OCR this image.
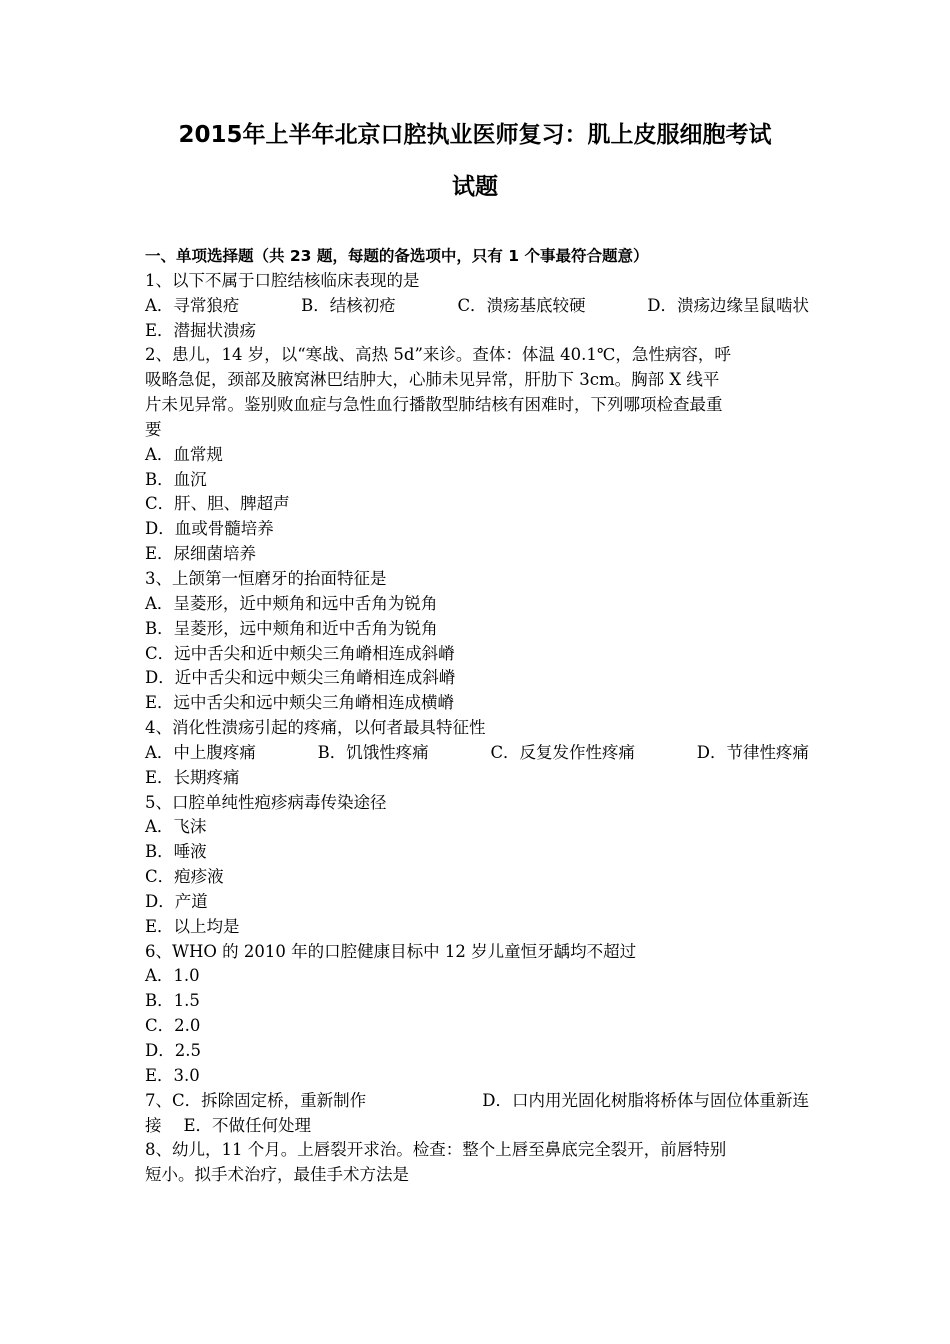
2015年上半年北京口腔执业医师复习：肌上皮服细胞考试
试题
一、单项选择题（共 23 题，每题的备选项中，只有 1 个事最符合题意）
1、以下不属于口腔结核临床表现的是
A．寻常狼疮	B．结核初疮	C．溃疡基底较硬	D．溃疡边缘呈鼠啮状
E．潜掘状溃疡
2、患儿，14 岁，以“寒战、高热 5d”来诊。查体：体温 40.1℃，急性病容，呼
吸略急促，颈部及腋窝淋巴结肿大，心肺未见异常，肝肋下 3cm。胸部 X 线平
片未见异常。鉴别败血症与急性血行播散型肺结核有困难时，下列哪项检查最重
要
A．血常规
B．血沉
C．肝、胆、脾超声
D．血或骨髓培养
E．尿细菌培养
3、上颌第一恒磨牙的抬面特征是
A．呈菱形，近中颊角和远中舌角为锐角
B．呈菱形，远中颊角和近中舌角为锐角
C．远中舌尖和近中颊尖三角嵴相连成斜嵴
D．近中舌尖和远中颊尖三角嵴相连成斜嵴
E．远中舌尖和远中颊尖三角嵴相连成横嵴
4、消化性溃疡引起的疼痛，以何者最具特征性
A．中上腹疼痛	B．饥饿性疼痛	C．反复发作性疼痛	D．节律性疼痛
E．长期疼痛
5、口腔单纯性疱疹病毒传染途径
A．飞沫
B．唾液
C．疱疹液
D．产道
E．以上均是
6、WHO 的 2010 年的口腔健康目标中 12 岁儿童恒牙龋均不超过
A．1.0
B．1.5
C．2.0
D．2.5
E．3.0
7、C．拆除固定桥，重新制作	D．口内用光固化树脂将桥体与固位体重新连
接 E．不做任何处理
8、幼儿，11 个月。上唇裂开求治。检查：整个上唇至鼻底完全裂开，前唇特别
短小。拟手术治疗，最佳手术方法是
